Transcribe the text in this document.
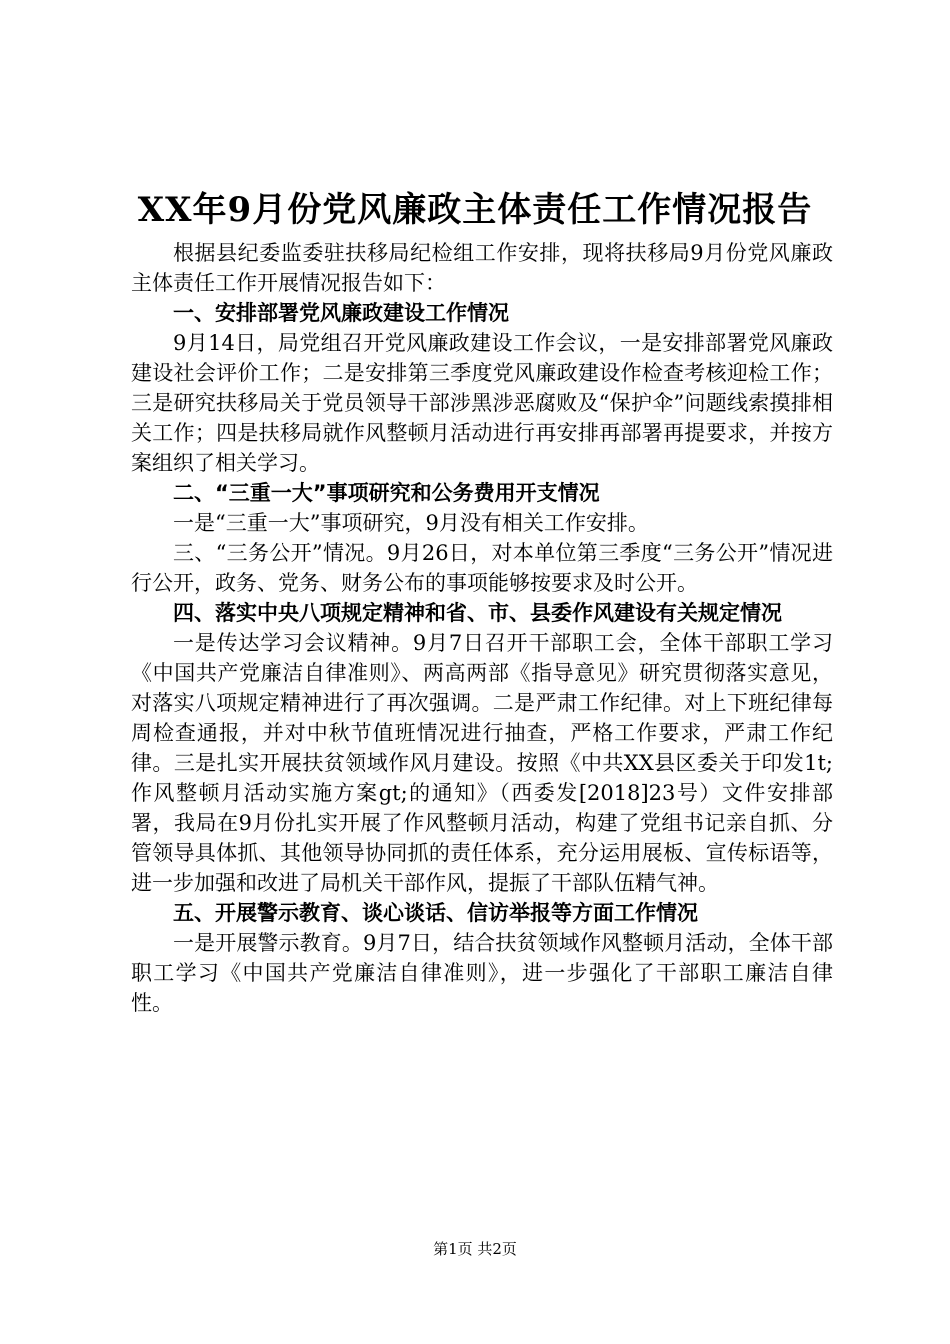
XX年9月份党风廉政主体责任工作情况报告

根据县纪委监委驻扶移局纪检组工作安排，现将扶移局9月份党风廉政主体责任工作开展情况报告如下：

一、安排部署党风廉政建设工作情况

9月14日，局党组召开党风廉政建设工作会议，一是安排部署党风廉政建设社会评价工作；二是安排第三季度党风廉政建设作检查考核迎检工作；三是研究扶移局关于党员领导干部涉黑涉恶腐败及“保护伞”问题线索摸排相关工作；四是扶移局就作风整顿月活动进行再安排再部署再提要求，并按方案组织了相关学习。

二、“三重一大”事项研究和公务费用开支情况

一是“三重一大”事项研究，9月没有相关工作安排。

三、“三务公开”情况。9月26日，对本单位第三季度“三务公开”情况进行公开，政务、党务、财务公布的事项能够按要求及时公开。

四、落实中央八项规定精神和省、市、县委作风建设有关规定情况

一是传达学习会议精神。9月7日召开干部职工会，全体干部职工学习《中国共产党廉洁自律准则》、两高两部《指导意见》研究贯彻落实意见，对落实八项规定精神进行了再次强调。二是严肃工作纪律。对上下班纪律每周检查通报，并对中秋节值班情况进行抽查，严格工作要求，严肃工作纪律。三是扎实开展扶贫领域作风月建设。按照《中共XX县区委关于印发1t;作风整顿月活动实施方案gt;的通知》（西委发[2018]23号）文件安排部署，我局在9月份扎实开展了作风整顿月活动，构建了党组书记亲自抓、分管领导具体抓、其他领导协同抓的责任体系，充分运用展板、宣传标语等，进一步加强和改进了局机关干部作风，提振了干部队伍精气神。

五、开展警示教育、谈心谈话、信访举报等方面工作情况

一是开展警示教育。9月7日，结合扶贫领域作风整顿月活动，全体干部职工学习《中国共产党廉洁自律准则》，进一步强化了干部职工廉洁自律性。

第1页 共2页
